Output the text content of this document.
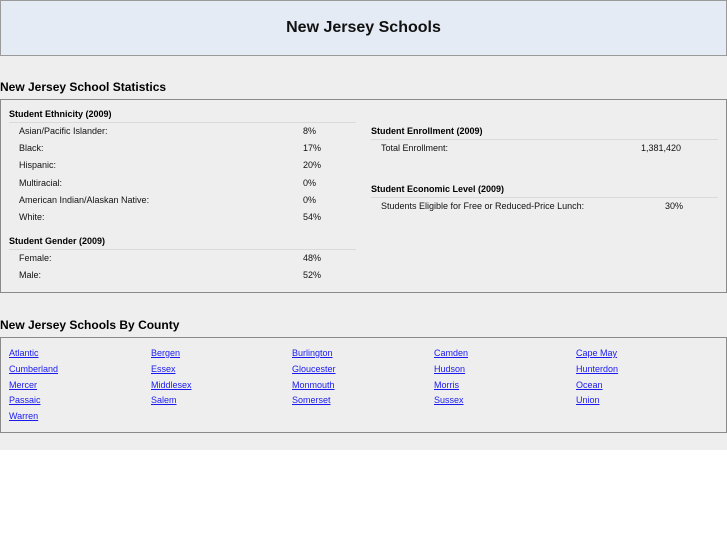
New Jersey Schools
New Jersey School Statistics
Student Ethnicity (2009)
Asian/Pacific Islander:	8%
Black:	17%
Hispanic:	20%
Multiracial:	0%
American Indian/Alaskan Native:	0%
White:	54%
Student Gender (2009)
Female:	48%
Male:	52%
Student Enrollment (2009)
Total Enrollment:	1,381,420
Student Economic Level (2009)
Students Eligible for Free or Reduced-Price Lunch:	30%
New Jersey Schools By County
Atlantic	Bergen	Burlington	Camden	Cape May
Cumberland	Essex	Gloucester	Hudson	Hunterdon
Mercer	Middlesex	Monmouth	Morris	Ocean
Passaic	Salem	Somerset	Sussex	Union
Warren
